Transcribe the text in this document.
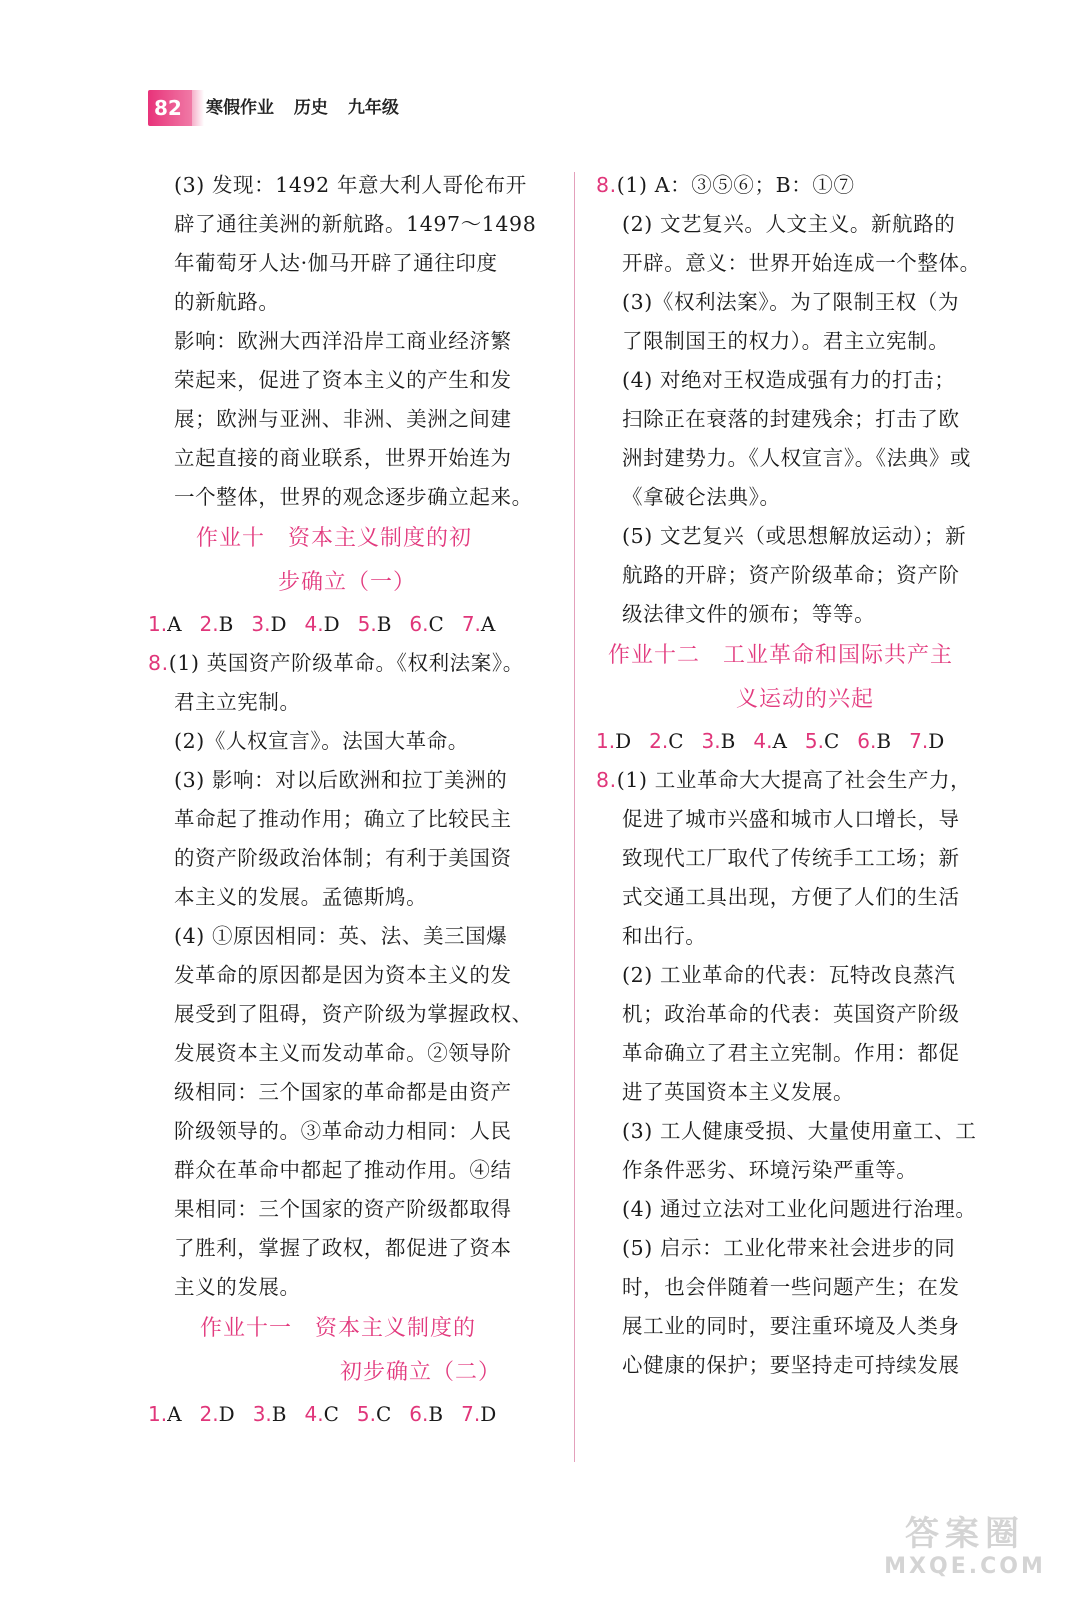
82	寒假作业 历史 九年级

(3) 发现：1492 年意大利人哥伦布开

辟了通往美洲的新航路。1497～1498

年葡萄牙人达·伽马开辟了通往印度

的新航路。

影响：欧洲大西洋沿岸工商业经济繁

荣起来，促进了资本主义的产生和发

展；欧洲与亚洲、非洲、美洲之间建

立起直接的商业联系，世界开始连为

一个整体，世界的观念逐步确立起来。

作业十　资本主义制度的初

步确立（一）

1.A 2.B 3.D 4.D 5.B 6.C 7.A

8.(1) 英国资产阶级革命。《权利法案》。

君主立宪制。

(2)《人权宣言》。法国大革命。

(3) 影响：对以后欧洲和拉丁美洲的

革命起了推动作用；确立了比较民主

的资产阶级政治体制；有利于美国资

本主义的发展。孟德斯鸠。

(4) ①原因相同：英、法、美三国爆

发革命的原因都是因为资本主义的发

展受到了阻碍，资产阶级为掌握政权、

发展资本主义而发动革命。②领导阶

级相同：三个国家的革命都是由资产

阶级领导的。③革命动力相同：人民

群众在革命中都起了推动作用。④结

果相同：三个国家的资产阶级都取得

了胜利，掌握了政权，都促进了资本

主义的发展。

作业十一　资本主义制度的

初步确立（二）

1.A 2.D 3.B 4.C 5.C 6.B 7.D

8.(1) A：③⑤⑥；B：①⑦

(2) 文艺复兴。人文主义。新航路的

开辟。意义：世界开始连成一个整体。

(3)《权利法案》。为了限制王权（为

了限制国王的权力）。君主立宪制。

(4) 对绝对王权造成强有力的打击；

扫除正在衰落的封建残余；打击了欧

洲封建势力。《人权宣言》。《法典》或

《拿破仑法典》。

(5) 文艺复兴（或思想解放运动）；新

航路的开辟；资产阶级革命；资产阶

级法律文件的颁布；等等。

作业十二　工业革命和国际共产主

义运动的兴起

1.D 2.C 3.B 4.A 5.C 6.B 7.D

8.(1) 工业革命大大提高了社会生产力，

促进了城市兴盛和城市人口增长，导

致现代工厂取代了传统手工工场；新

式交通工具出现，方便了人们的生活

和出行。

(2) 工业革命的代表：瓦特改良蒸汽

机；政治革命的代表：英国资产阶级

革命确立了君主立宪制。作用：都促

进了英国资本主义发展。

(3) 工人健康受损、大量使用童工、工

作条件恶劣、环境污染严重等。

(4) 通过立法对工业化问题进行治理。

(5) 启示：工业化带来社会进步的同

时，也会伴随着一些问题产生；在发

展工业的同时，要注重环境及人类身

心健康的保护；要坚持走可持续发展

答案圈
MXQE.COM
